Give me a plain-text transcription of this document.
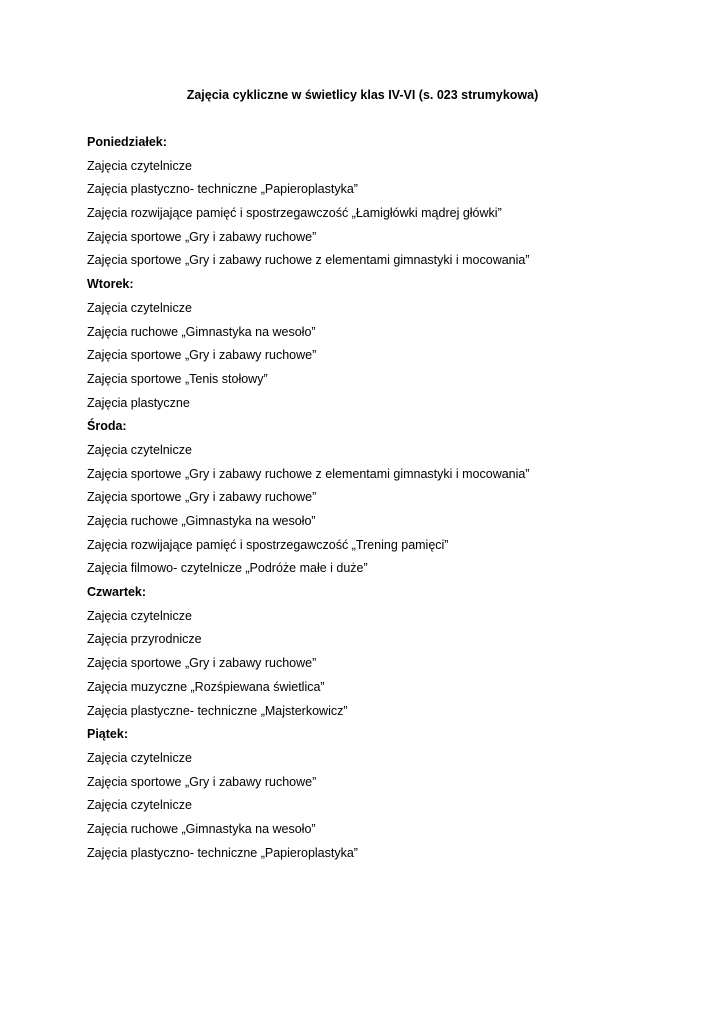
Zajęcia cykliczne w świetlicy klas IV-VI (s. 023 strumykowa)
Poniedziałek:
Zajęcia czytelnicze
Zajęcia plastyczno- techniczne „Papieroplastyka”
Zajęcia rozwijające pamięć i spostrzegawczość „Łamigłówki mądrej główki”
Zajęcia sportowe „Gry i zabawy ruchowe”
Zajęcia sportowe „Gry i zabawy ruchowe z elementami gimnastyki i mocowania”
Wtorek:
Zajęcia czytelnicze
Zajęcia ruchowe „Gimnastyka na wesoło”
Zajęcia sportowe „Gry i zabawy ruchowe”
Zajęcia sportowe „Tenis stołowy”
Zajęcia plastyczne
Środa:
Zajęcia czytelnicze
Zajęcia sportowe „Gry i zabawy ruchowe z elementami gimnastyki i mocowania”
Zajęcia sportowe „Gry i zabawy ruchowe”
Zajęcia ruchowe „Gimnastyka na wesoło”
Zajęcia rozwijające pamięć i spostrzegawczość „Trening pamięci”
Zajęcia filmowo- czytelnicze „Podróże małe i duże”
Czwartek:
Zajęcia czytelnicze
Zajęcia przyrodnicze
Zajęcia sportowe „Gry i zabawy ruchowe”
Zajęcia muzyczne „Rozśpiewana świetlica”
Zajęcia plastyczne- techniczne „Majsterkowicz”
Piątek:
Zajęcia czytelnicze
Zajęcia sportowe „Gry i zabawy ruchowe”
Zajęcia czytelnicze
Zajęcia ruchowe „Gimnastyka na wesoło”
Zajęcia plastyczno- techniczne „Papieroplastyka”
